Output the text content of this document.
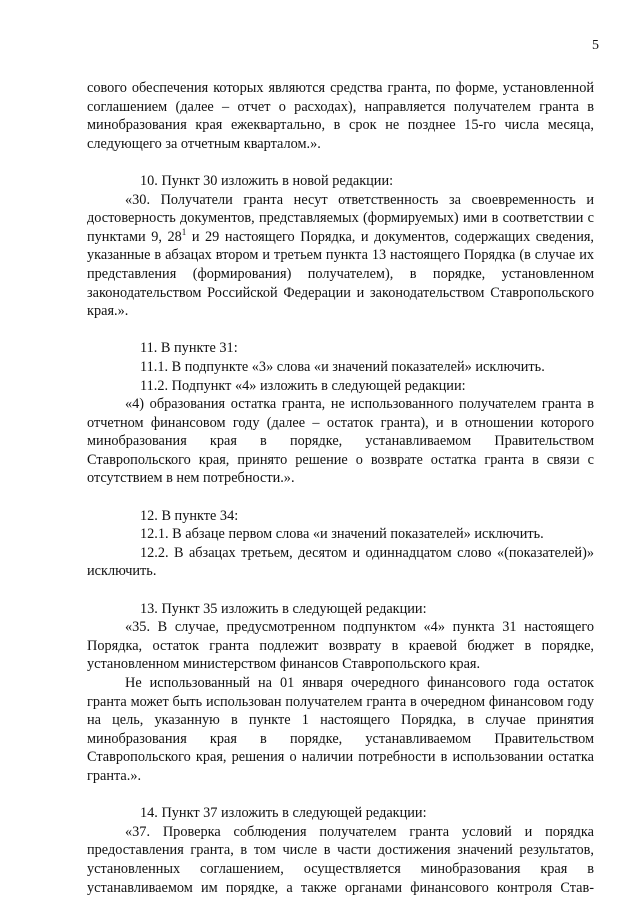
5

сового обеспечения которых являются средства гранта, по форме, установленной соглашением (далее – отчет о расходах), направляется получателем гранта в минобразования края ежеквартально, в срок не позднее 15-го числа месяца, следующего за отчетным кварталом.».

10. Пункт 30 изложить в новой редакции:

«30. Получатели гранта несут ответственность за своевременность и достоверность документов, представляемых (формируемых) ими в соответствии с пунктами 9, $28^1$ и 29 настоящего Порядка, и документов, содержащих сведения, указанные в абзацах втором и третьем пункта 13 настоящего Порядка (в случае их представления (формирования) получателем), в порядке, установленном законодательством Российской Федерации и законодательством Ставропольского края.».

11. В пункте 31:

11.1. В подпункте «3» слова «и значений показателей» исключить.

11.2. Подпункт «4» изложить в следующей редакции:

«4) образования остатка гранта, не использованного получателем гранта в отчетном финансовом году (далее – остаток гранта), и в отношении которого минобразования края в порядке, устанавливаемом Правительством Ставропольского края, принято решение о возврате остатка гранта в связи с отсутствием в нем потребности.».

12. В пункте 34:

12.1. В абзаце первом слова «и значений показателей» исключить.

12.2. В абзацах третьем, десятом и одиннадцатом слово «(показателей)» исключить.

13. Пункт 35 изложить в следующей редакции:

«35. В случае, предусмотренном подпунктом «4» пункта 31 настоящего Порядка, остаток гранта подлежит возврату в краевой бюджет в порядке, установленном министерством финансов Ставропольского края.

Не использованный на 01 января очередного финансового года остаток гранта может быть использован получателем гранта в очередном финансовом году на цель, указанную в пункте 1 настоящего Порядка, в случае принятия минобразования края в порядке, устанавливаемом Правительством Ставропольского края, решения о наличии потребности в использовании остатка гранта.».

14. Пункт 37 изложить в следующей редакции:

«37. Проверка соблюдения получателем гранта условий и порядка предоставления гранта, в том числе в части достижения значений результатов, установленных соглашением, осуществляется минобразования края в устанавливаемом им порядке, а также органами финансового контроля Став-
